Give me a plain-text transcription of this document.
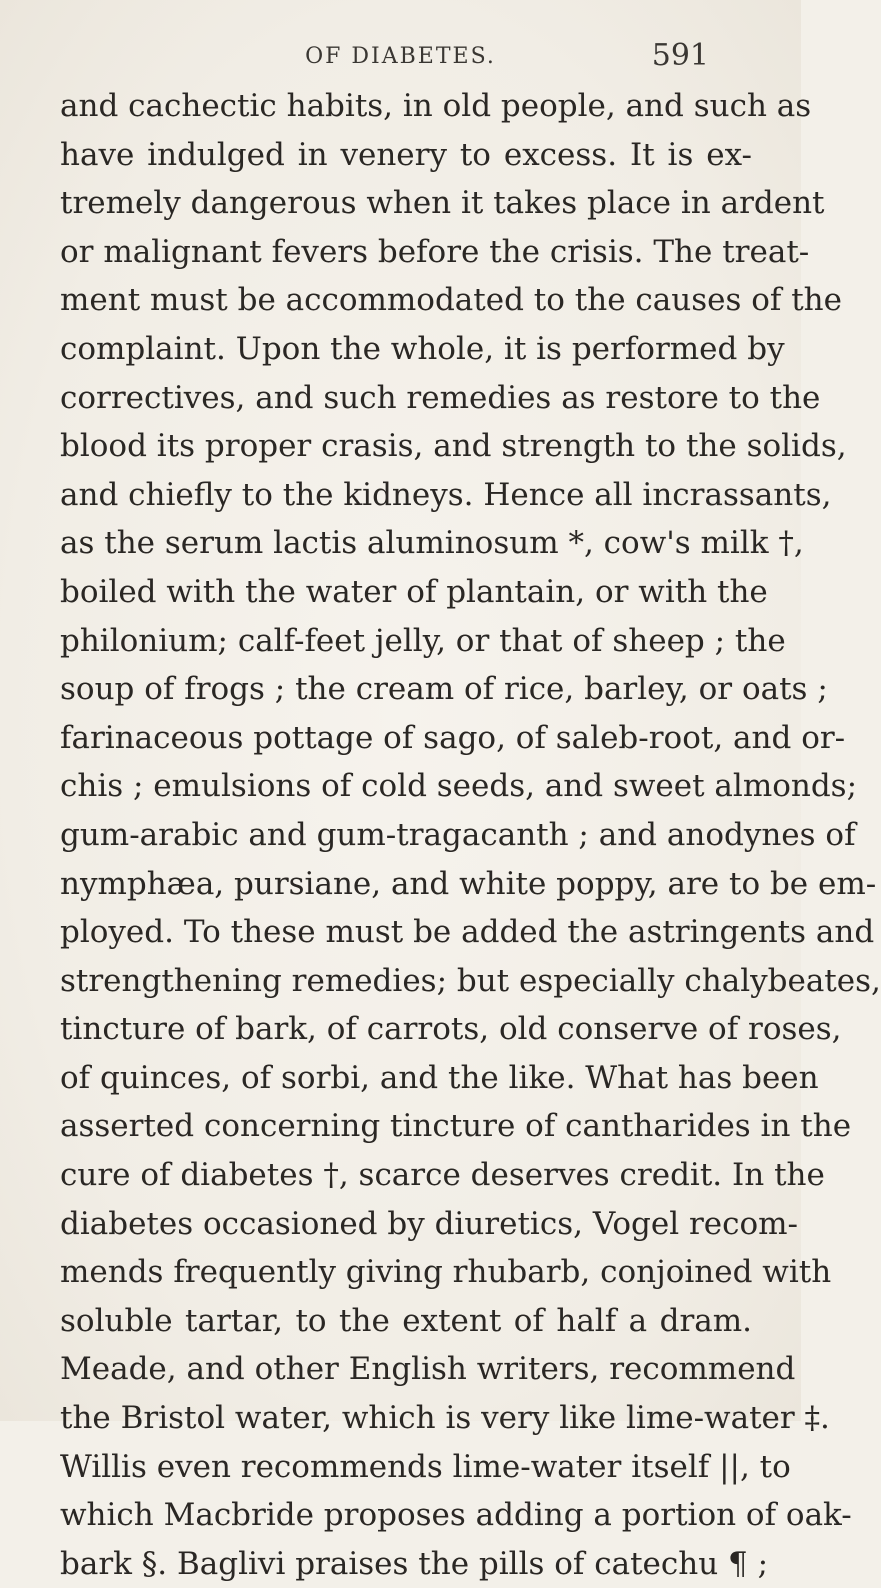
OF DIABETES.	591
and cachectic habits, in old people, and such as
have indulged in venery to excess. It is ex-
tremely dangerous when it takes place in ardent
or malignant fevers before the crisis. The treat-
ment must be accommodated to the causes of the
complaint. Upon the whole, it is performed by
correctives, and such remedies as restore to the
blood its proper crasis, and strength to the solids,
and chiefly to the kidneys. Hence all incrassants,
as the serum lactis aluminosum *, cow's milk †,
boiled with the water of plantain, or with the
philonium; calf-feet jelly, or that of sheep ; the
soup of frogs ; the cream of rice, barley, or oats ;
farinaceous pottage of sago, of saleb-root, and or-
chis ; emulsions of cold seeds, and sweet almonds;
gum-arabic and gum-tragacanth ; and anodynes of
nymphæa, pursiane, and white poppy, are to be em-
ployed. To these must be added the astringents and
strengthening remedies; but especially chalybeates,
tincture of bark, of carrots, old conserve of roses,
of quinces, of sorbi, and the like. What has been
asserted concerning tincture of cantharides in the
cure of diabetes †, scarce deserves credit. In the
diabetes occasioned by diuretics, Vogel recom-
mends frequently giving rhubarb, conjoined with
soluble tartar, to the extent of half a dram.
Meade, and other English writers, recommend
the Bristol water, which is very like lime-water ‡.
Willis even recommends lime-water itself ||, to
which Macbride proposes adding a portion of oak-
bark §. Baglivi praises the pills of catechu ¶ ;
